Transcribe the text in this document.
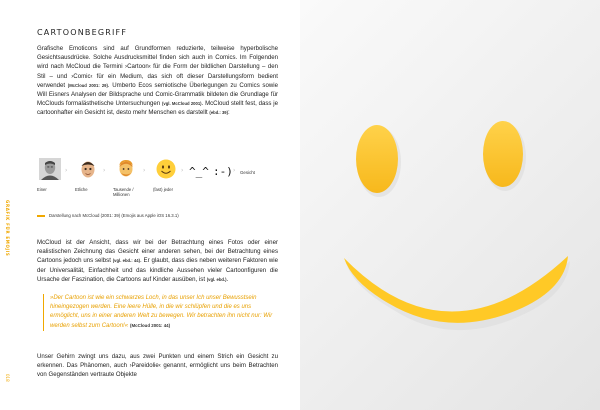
GRAFIK FÜR EMOJIS
018
CARTOONBEGRIFF

Grafische Emoticons sind auf Grundformen reduzierte, teilweise hyperbolische Gesichtsausdrücke. Solche Ausdrucksmittel finden sich auch in Comics. Im Folgenden wird nach McCloud die Termini ›Cartoon‹ für die Form der bildlichen Darstellung – den Stil – und ›Comic‹ für ein Medium, das sich oft dieser Darstellungsform bedient verwendet (McCloud 2001: 29). Umberto Ecos semiotische Überlegungen zu Comics sowie Will Eisners Analysen der Bildsprache und Comic-Grammatik bildeten die Grundlage für McClouds formalästhetische Untersuchungen (vgl. McCloud 2001). McCloud stellt fest, dass je cartoonhafter ein Gesicht ist, desto mehr Menschen es darstellt (ebd.: 39):

Einer
›
Etliche
›
Tausende / Millionen
›
(fast) jeder
› ^_^ :-) › Gesicht
Darstellung nach McCloud (2001: 39) (Emojis aus Apple iOS 16.3.1)

McCloud ist der Ansicht, dass wir bei der Betrachtung eines Fotos oder einer realistischen Zeichnung das Gesicht einer anderen sehen, bei der Betrachtung eines Cartoons jedoch uns selbst (vgl. ebd.: 44). Er glaubt, dass dies neben weiteren Faktoren wie der Universalität, Einfachheit und das kindliche Aussehen vieler Cartoonfiguren die Ursache der Faszination, die Cartoons auf Kinder ausüben, ist (vgl. ebd.).

»Der Cartoon ist wie ein schwarzes Loch, in das unser Ich unser Bewusstsein hineingezogen werden. Eine leere Hülle, in die wir schlüpfen und die es uns ermöglicht, uns in einer anderen Welt zu bewegen. Wir betrachten ihn nicht nur: Wir werden selbst zum Cartoon!« (McCloud 2001: 44)

Unser Gehirn zwingt uns dazu, aus zwei Punkten und einem Strich ein Gesicht zu erkennen. Das Phänomen, auch ›Pareidolie‹ genannt, ermöglicht uns beim Betrachten von Gegenständen vertraute Objekte
